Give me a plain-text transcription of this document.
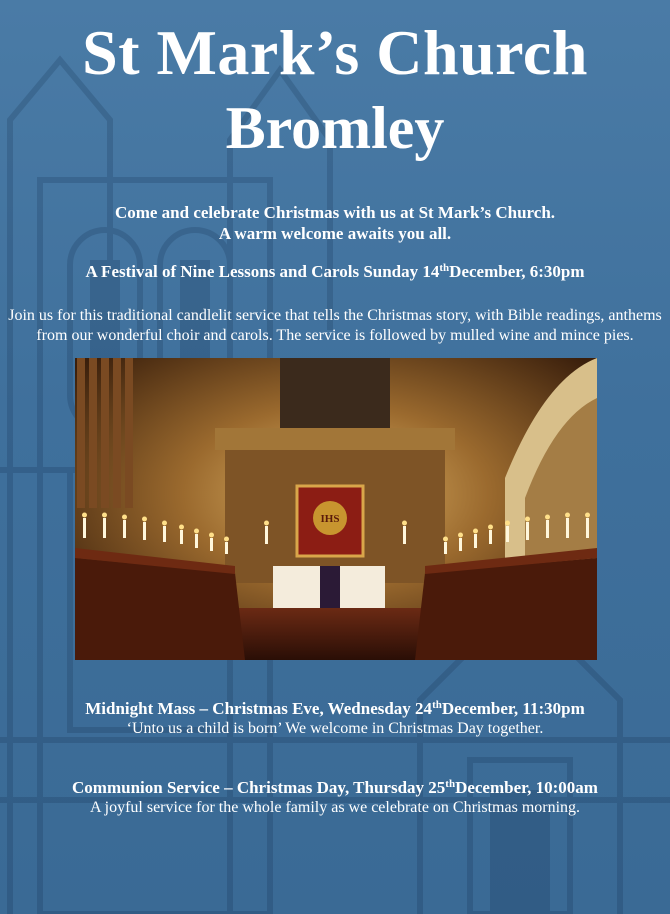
St Mark’s Church
Bromley
Come and celebrate Christmas with us at St Mark’s Church.
A warm welcome awaits you all.
A Festival of Nine Lessons and Carols Sunday 14thDecember, 6:30pm
Join us for this traditional candlelit service that tells the Christmas story, with Bible readings, anthems from our wonderful choir and carols. The service is followed by mulled wine and mince pies.
IHS
Midnight Mass – Christmas Eve, Wednesday 24thDecember, 11:30pm
‘Unto us a child is born’ We welcome in Christmas Day together.
Communion Service – Christmas Day, Thursday 25thDecember, 10:00am
A joyful service for the whole family as we celebrate on Christmas morning.
